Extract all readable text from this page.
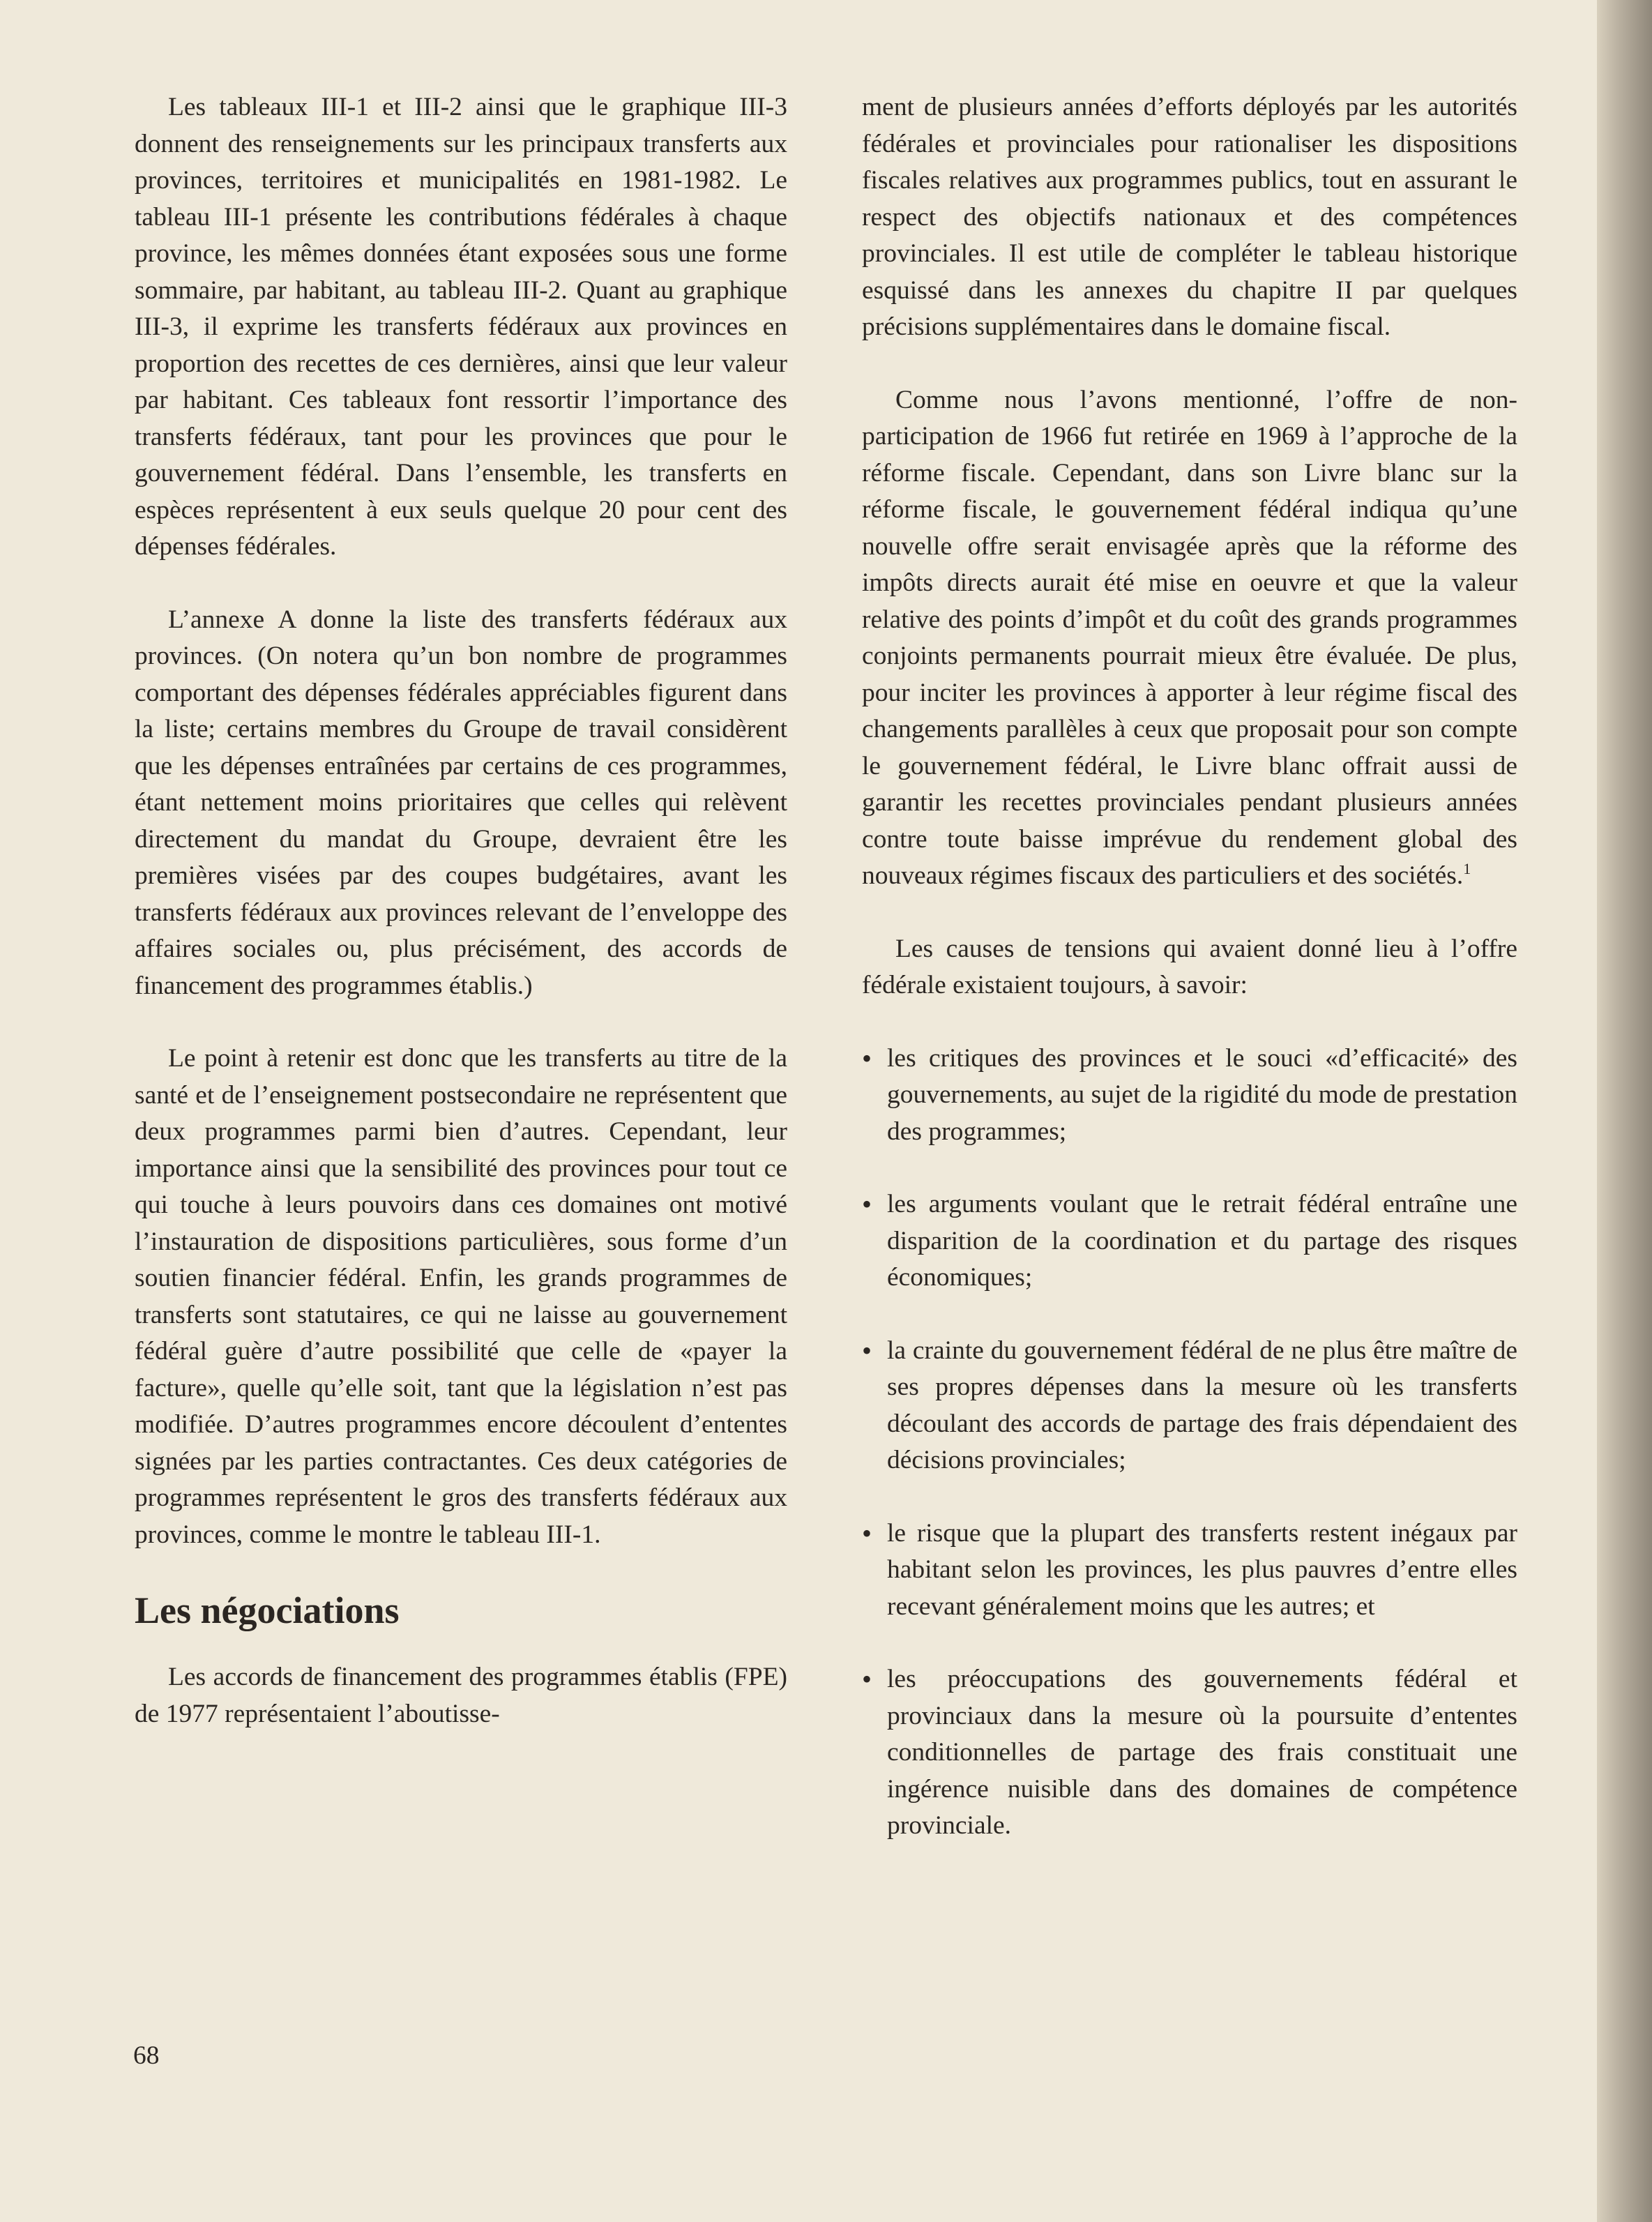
Les tableaux III-1 et III-2 ainsi que le graphique III-3 donnent des renseignements sur les principaux transferts aux provinces, territoires et municipalités en 1981-1982. Le tableau III-1 présente les contributions fédérales à chaque province, les mêmes données étant exposées sous une forme sommaire, par habitant, au tableau III-2. Quant au graphique III-3, il exprime les transferts fédéraux aux provinces en proportion des recettes de ces dernières, ainsi que leur valeur par habitant. Ces tableaux font ressortir l’importance des transferts fédéraux, tant pour les provinces que pour le gouvernement fédéral. Dans l’ensemble, les transferts en espèces représentent à eux seuls quelque 20 pour cent des dépenses fédérales.

L’annexe A donne la liste des transferts fédéraux aux provinces. (On notera qu’un bon nombre de programmes comportant des dépenses fédérales appréciables figurent dans la liste; certains membres du Groupe de travail considèrent que les dépenses entraînées par certains de ces programmes, étant nettement moins prioritaires que celles qui relèvent directement du mandat du Groupe, devraient être les premières visées par des coupes budgétaires, avant les transferts fédéraux aux provinces relevant de l’enveloppe des affaires sociales ou, plus précisément, des accords de financement des programmes établis.)

Le point à retenir est donc que les transferts au titre de la santé et de l’enseignement postsecondaire ne représentent que deux programmes parmi bien d’autres. Cependant, leur importance ainsi que la sensibilité des provinces pour tout ce qui touche à leurs pouvoirs dans ces domaines ont motivé l’instauration de dispositions particulières, sous forme d’un soutien financier fédéral. Enfin, les grands programmes de transferts sont statutaires, ce qui ne laisse au gouvernement fédéral guère d’autre possibilité que celle de «payer la facture», quelle qu’elle soit, tant que la législation n’est pas modifiée. D’autres programmes encore découlent d’ententes signées par les parties contractantes. Ces deux catégories de programmes représentent le gros des transferts fédéraux aux provinces, comme le montre le tableau III-1.

Les négociations

Les accords de financement des programmes établis (FPE) de 1977 représentaient l’aboutisse-

ment de plusieurs années d’efforts déployés par les autorités fédérales et provinciales pour rationaliser les dispositions fiscales relatives aux programmes publics, tout en assurant le respect des objectifs nationaux et des compétences provinciales. Il est utile de compléter le tableau historique esquissé dans les annexes du chapitre II par quelques précisions supplémentaires dans le domaine fiscal.

Comme nous l’avons mentionné, l’offre de non-participation de 1966 fut retirée en 1969 à l’approche de la réforme fiscale. Cependant, dans son Livre blanc sur la réforme fiscale, le gouvernement fédéral indiqua qu’une nouvelle offre serait envisagée après que la réforme des impôts directs aurait été mise en oeuvre et que la valeur relative des points d’impôt et du coût des grands programmes conjoints permanents pourrait mieux être évaluée. De plus, pour inciter les provinces à apporter à leur régime fiscal des changements parallèles à ceux que proposait pour son compte le gouvernement fédéral, le Livre blanc offrait aussi de garantir les recettes provinciales pendant plusieurs années contre toute baisse imprévue du rendement global des nouveaux régimes fiscaux des particuliers et des sociétés.$^1$

Les causes de tensions qui avaient donné lieu à l’offre fédérale existaient toujours, à savoir:

• les critiques des provinces et le souci «d’efficacité» des gouvernements, au sujet de la rigidité du mode de prestation des programmes;
• les arguments voulant que le retrait fédéral entraîne une disparition de la coordination et du partage des risques économiques;
• la crainte du gouvernement fédéral de ne plus être maître de ses propres dépenses dans la mesure où les transferts découlant des accords de partage des frais dépendaient des décisions provinciales;
• le risque que la plupart des transferts restent inégaux par habitant selon les provinces, les plus pauvres d’entre elles recevant généralement moins que les autres; et
• les préoccupations des gouvernements fédéral et provinciaux dans la mesure où la poursuite d’ententes conditionnelles de partage des frais constituait une ingérence nuisible dans des domaines de compétence provinciale.
68
